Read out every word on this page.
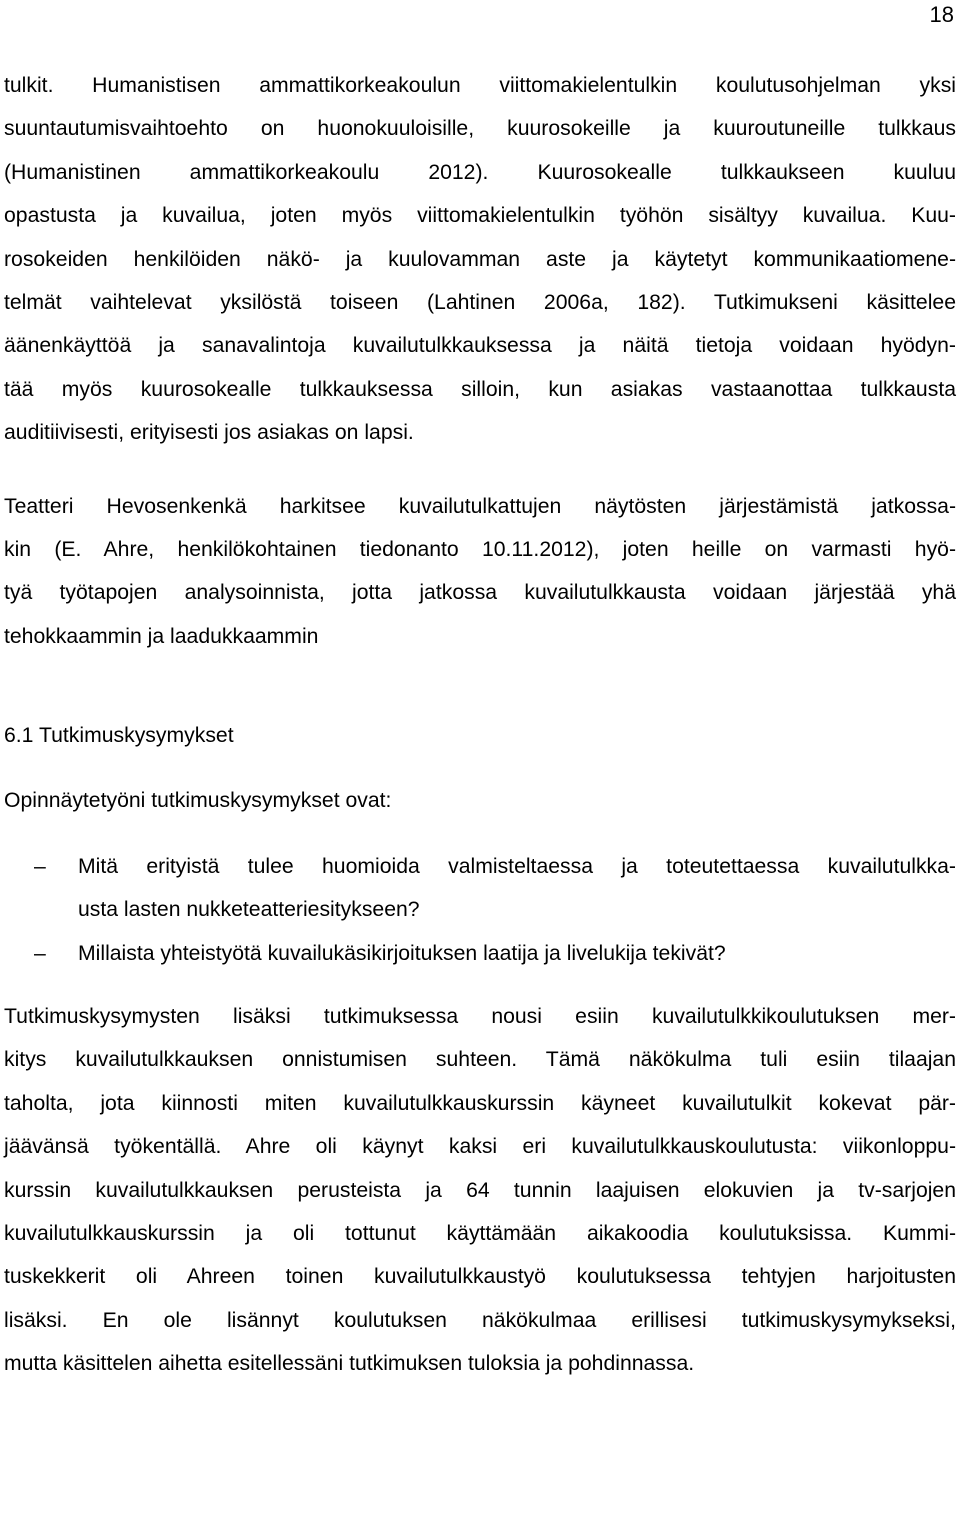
18
tulkit. Humanistisen ammattikorkeakoulun viittomakielentulkin koulutusohjelman yksi
suuntautumisvaihtoehto on huonokuuloisille, kuurosokeille ja kuuroutuneille tulkkaus
(Humanistinen ammattikorkeakoulu 2012). Kuurosokealle tulkkaukseen kuuluu
opastusta ja kuvailua, joten myös viittomakielentulkin työhön sisältyy kuvailua. Kuu-
rosokeiden henkilöiden näkö- ja kuulovamman aste ja käytetyt kommunikaatiomene-
telmät vaihtelevat yksilöstä toiseen (Lahtinen 2006a, 182). Tutkimukseni käsittelee
äänenkäyttöä ja sanavalintoja kuvailutulkkauksessa ja näitä tietoja voidaan hyödyn-
tää myös kuurosokealle tulkkauksessa silloin, kun asiakas vastaanottaa tulkkausta
auditiivisesti, erityisesti jos asiakas on lapsi.
Teatteri Hevosenkenkä harkitsee kuvailutulkattujen näytösten järjestämistä jatkossa-
kin (E. Ahre, henkilökohtainen tiedonanto 10.11.2012), joten heille on varmasti hyö-
tyä työtapojen analysoinnista, jotta jatkossa kuvailutulkkausta voidaan järjestää yhä
tehokkaammin ja laadukkaammin
6.1 Tutkimuskysymykset
Opinnäytetyöni tutkimuskysymykset ovat:
– Mitä erityistä tulee huomioida valmisteltaessa ja toteutettaessa kuvailutulkka-
usta lasten nukketeatteriesitykseen?
– Millaista yhteistyötä kuvailukäsikirjoituksen laatija ja livelukija tekivät?
Tutkimuskysymysten lisäksi tutkimuksessa nousi esiin kuvailutulkkikoulutuksen mer-
kitys kuvailutulkkauksen onnistumisen suhteen. Tämä näkökulma tuli esiin tilaajan
taholta, jota kiinnosti miten kuvailutulkkauskurssin käyneet kuvailutulkit kokevat pär-
jäävänsä työkentällä. Ahre oli käynyt kaksi eri kuvailutulkkauskoulutusta: viikonloppu-
kurssin kuvailutulkkauksen perusteista ja 64 tunnin laajuisen elokuvien ja tv-sarjojen
kuvailutulkkauskurssin ja oli tottunut käyttämään aikakoodia koulutuksissa. Kummi-
tuskekkerit oli Ahreen toinen kuvailutulkkaustyö koulutuksessa tehtyjen harjoitusten
lisäksi. En ole lisännyt koulutuksen näkökulmaa erillisesi tutkimuskysymykseksi,
mutta käsittelen aihetta esitellessäni tutkimuksen tuloksia ja pohdinnassa.
